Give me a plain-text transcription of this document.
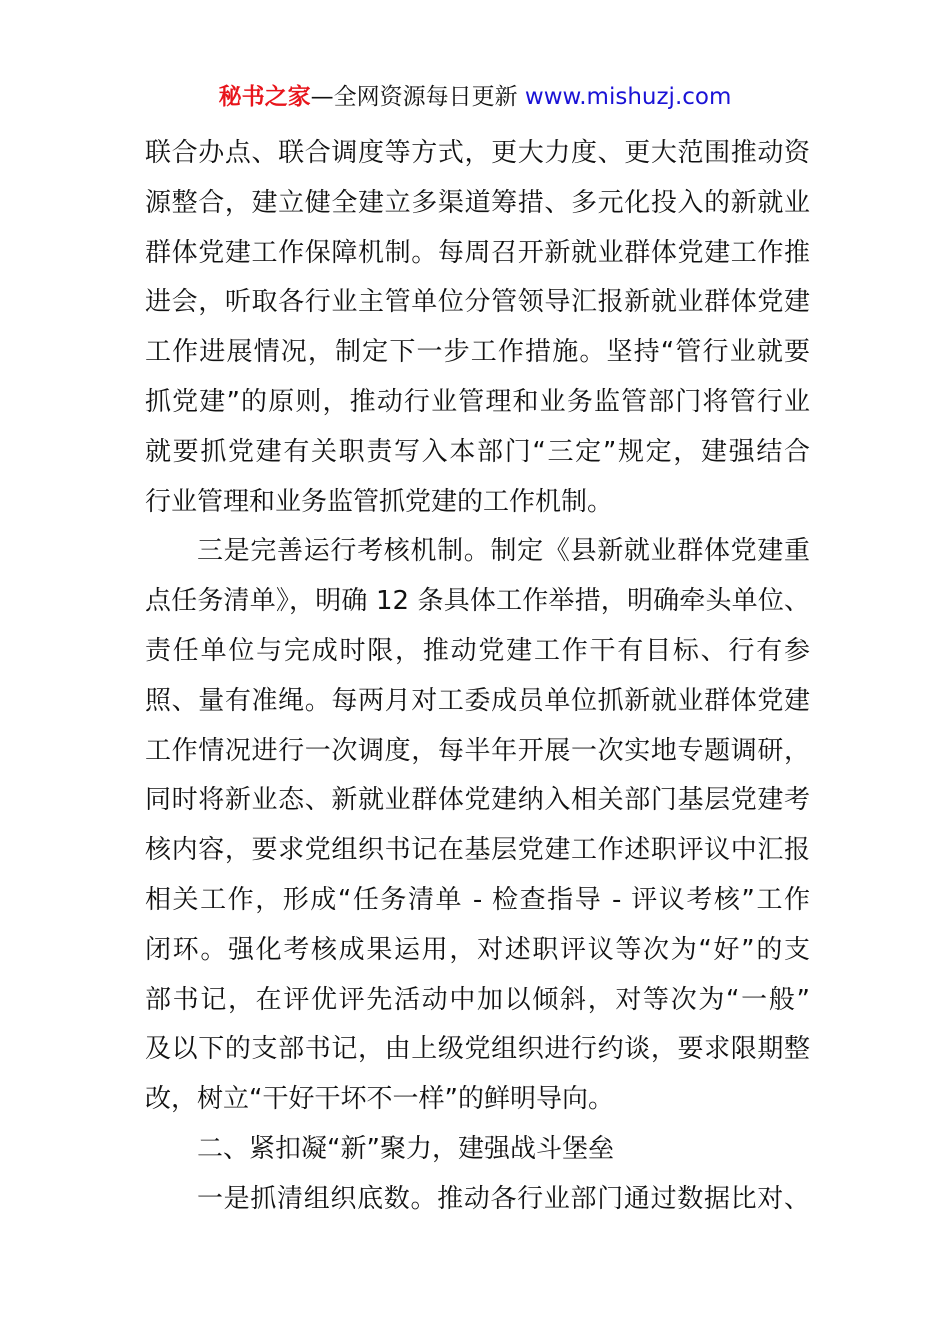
秘书之家—全网资源每日更新 www.mishuzj.com
联合办点、联合调度等方式，更大力度、更大范围推动资
源整合，建立健全建立多渠道筹措、多元化投入的新就业
群体党建工作保障机制。每周召开新就业群体党建工作推
进会，听取各行业主管单位分管领导汇报新就业群体党建
工作进展情况，制定下一步工作措施。坚持“管行业就要
抓党建”的原则，推动行业管理和业务监管部门将管行业
就要抓党建有关职责写入本部门“三定”规定，建强结合
行业管理和业务监管抓党建的工作机制。
三是完善运行考核机制。制定《县新就业群体党建重
点任务清单》，明确 12 条具体工作举措，明确牵头单位、
责任单位与完成时限，推动党建工作干有目标、行有参
照、量有准绳。每两月对工委成员单位抓新就业群体党建
工作情况进行一次调度，每半年开展一次实地专题调研，
同时将新业态、新就业群体党建纳入相关部门基层党建考
核内容，要求党组织书记在基层党建工作述职评议中汇报
相关工作，形成“任务清单 - 检查指导 - 评议考核”工作
闭环。强化考核成果运用，对述职评议等次为“好”的支
部书记，在评优评先活动中加以倾斜，对等次为“一般”
及以下的支部书记，由上级党组织进行约谈，要求限期整
改，树立“干好干坏不一样”的鲜明导向。
二、紧扣凝“新”聚力，建强战斗堡垒
一是抓清组织底数。推动各行业部门通过数据比对、
